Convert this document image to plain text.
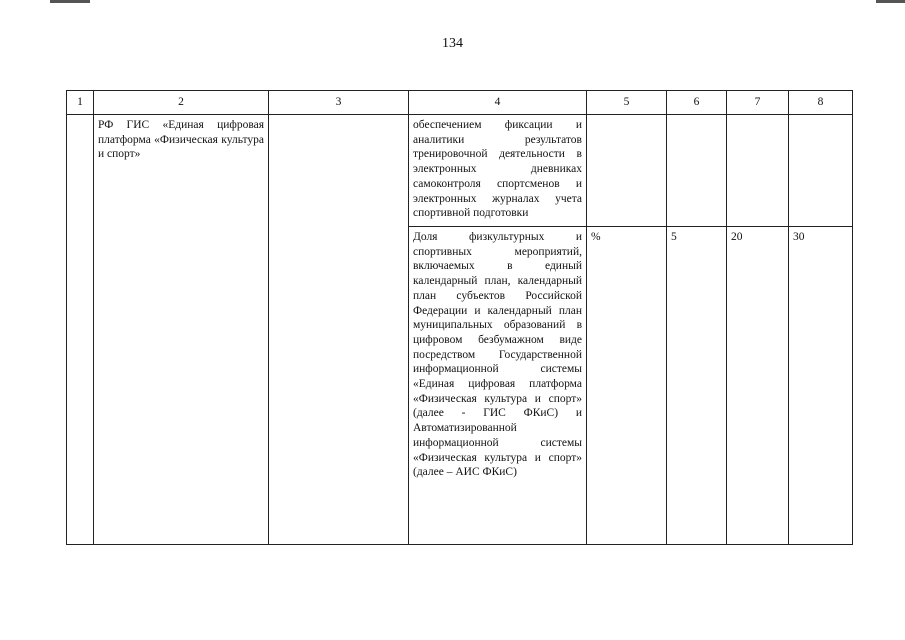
134
1	2	3	4	5	6	7	8
	РФ ГИС «Единая цифровая платформа «Физическая культура и спорт»		обеспечением фиксации и аналитики результатов тренировочной деятельности в электронных дневниках самоконтроля спортсменов и электронных журналах учета спортивной подготовки				
			Доля физкультурных и спортивных мероприятий, включаемых в единый календарный план, календарный план субъектов Российской Федерации и календарный план муниципальных образований в цифровом безбумажном виде посредством Государственной информационной системы «Единая цифровая платформа «Физическая культура и спорт» (далее - ГИС ФКиС) и Автоматизированной информационной системы «Физическая культура и спорт» (далее – АИС ФКиС)	%	5	20	30
